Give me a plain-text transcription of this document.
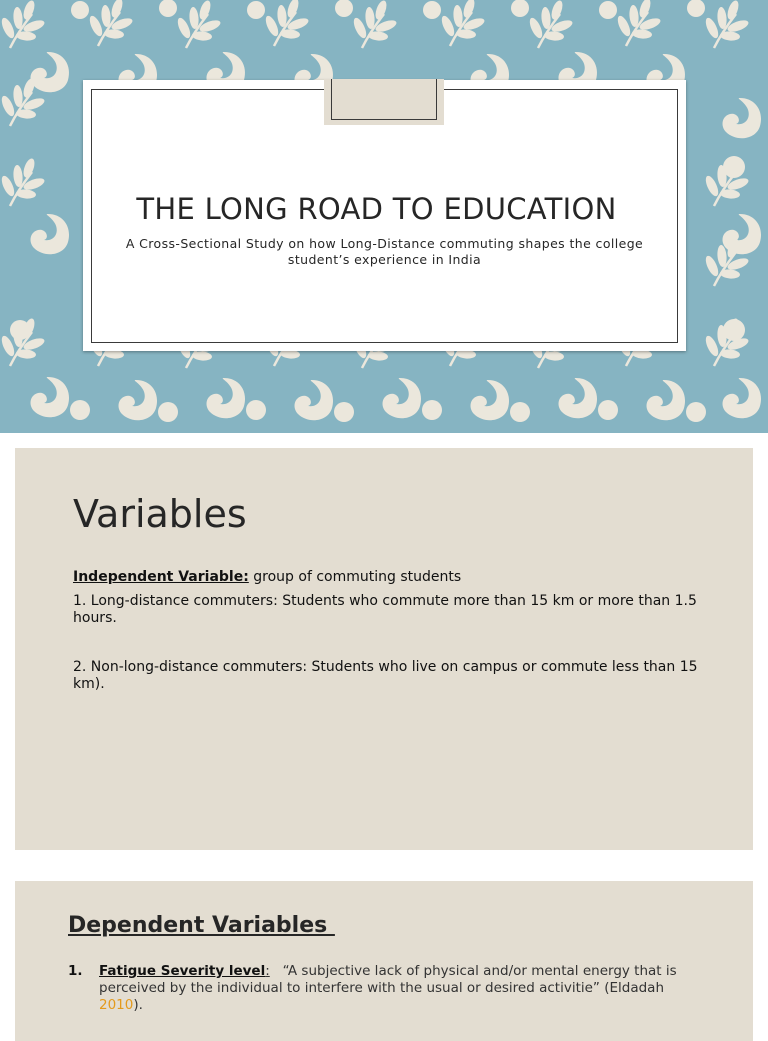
THE LONG ROAD TO EDUCATION
A Cross-Sectional Study on how Long-Distance commuting shapes the college student’s experience in India
Variables

Independent Variable: group of commuting students

1. Long-distance commuters: Students who commute more than 15 km or more than 1.5 hours.

2. Non-long-distance commuters: Students who live on campus or commute less than 15 km).

Dependent Variables
1. Fatigue Severity level:   “A subjective lack of physical and/or mental energy that is perceived by the individual to interfere with the usual or desired activitie” (Eldadah 2010).
